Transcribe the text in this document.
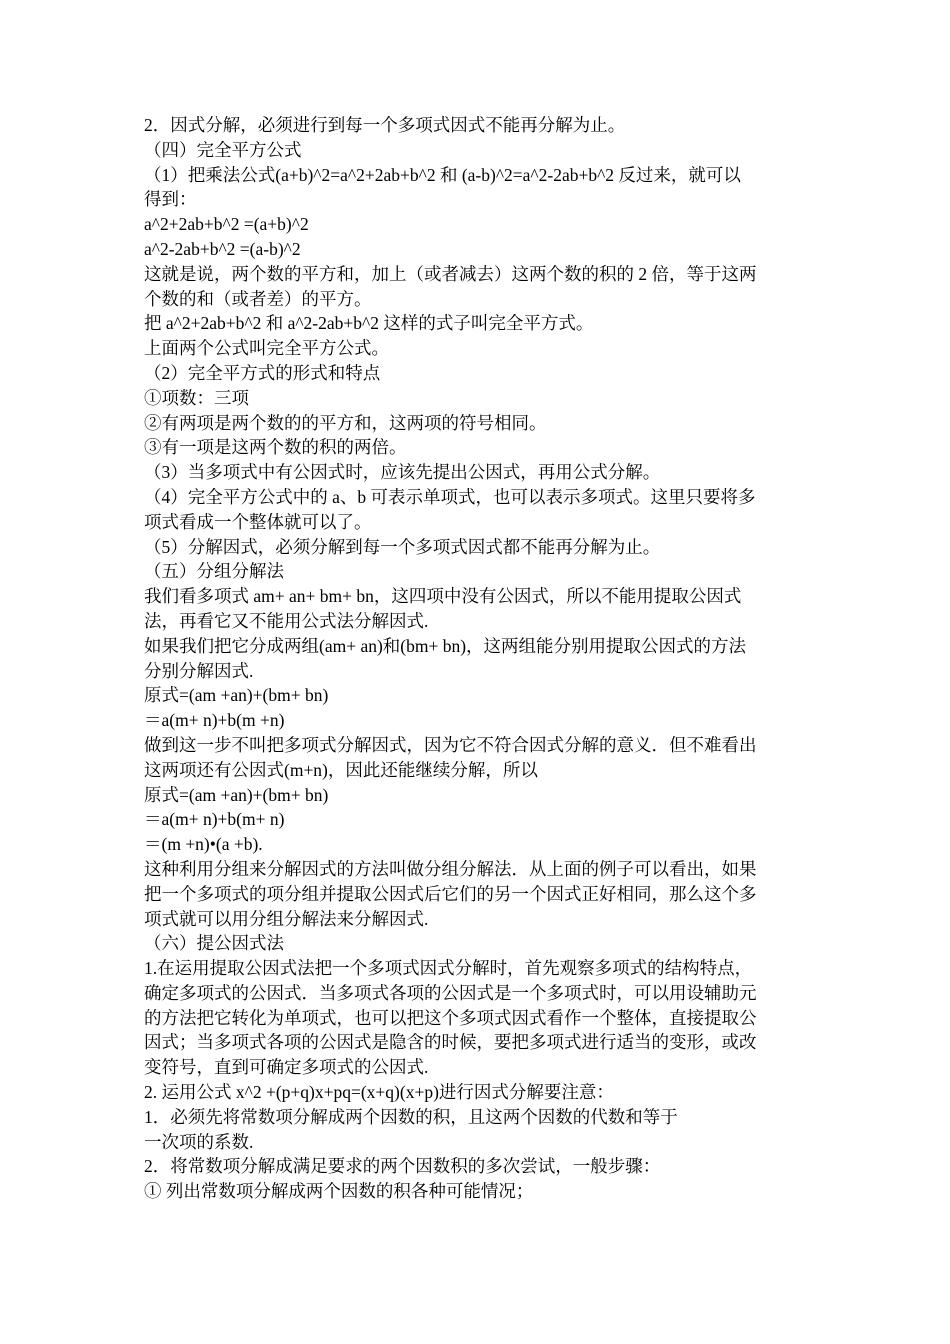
2．因式分解，必须进行到每一个多项式因式不能再分解为止。

（四）完全平方公式

（1）把乘法公式(a+b)^2=a^2+2ab+b^2 和 (a-b)^2=a^2-2ab+b^2 反过来，就可以

得到：

a^2+2ab+b^2 =(a+b)^2

a^2-2ab+b^2 =(a-b)^2

这就是说，两个数的平方和，加上（或者减去）这两个数的积的 2 倍，等于这两

个数的和（或者差）的平方。

把 a^2+2ab+b^2 和 a^2-2ab+b^2 这样的式子叫完全平方式。

上面两个公式叫完全平方公式。

（2）完全平方式的形式和特点

①项数：三项

②有两项是两个数的的平方和，这两项的符号相同。

③有一项是这两个数的积的两倍。

（3）当多项式中有公因式时，应该先提出公因式，再用公式分解。

（4）完全平方公式中的 a、b 可表示单项式，也可以表示多项式。这里只要将多

项式看成一个整体就可以了。

（5）分解因式，必须分解到每一个多项式因式都不能再分解为止。

（五）分组分解法

我们看多项式 am+ an+ bm+ bn，这四项中没有公因式，所以不能用提取公因式

法，再看它又不能用公式法分解因式.

如果我们把它分成两组(am+ an)和(bm+ bn)，这两组能分别用提取公因式的方法

分别分解因式.

原式=(am +an)+(bm+ bn)

＝a(m+ n)+b(m +n)

做到这一步不叫把多项式分解因式，因为它不符合因式分解的意义．但不难看出

这两项还有公因式(m+n)，因此还能继续分解，所以

原式=(am +an)+(bm+ bn)

＝a(m+ n)+b(m+ n)

＝(m +n)•(a +b).

这种利用分组来分解因式的方法叫做分组分解法．从上面的例子可以看出，如果

把一个多项式的项分组并提取公因式后它们的另一个因式正好相同，那么这个多

项式就可以用分组分解法来分解因式.

（六）提公因式法

1.在运用提取公因式法把一个多项式因式分解时，首先观察多项式的结构特点，

确定多项式的公因式．当多项式各项的公因式是一个多项式时，可以用设辅助元

的方法把它转化为单项式，也可以把这个多项式因式看作一个整体，直接提取公

因式；当多项式各项的公因式是隐含的时候，要把多项式进行适当的变形，或改

变符号，直到可确定多项式的公因式.

2. 运用公式 x^2 +(p+q)x+pq=(x+q)(x+p)进行因式分解要注意：

1．必须先将常数项分解成两个因数的积，且这两个因数的代数和等于

一次项的系数.

2．将常数项分解成满足要求的两个因数积的多次尝试，一般步骤：

① 列出常数项分解成两个因数的积各种可能情况；
